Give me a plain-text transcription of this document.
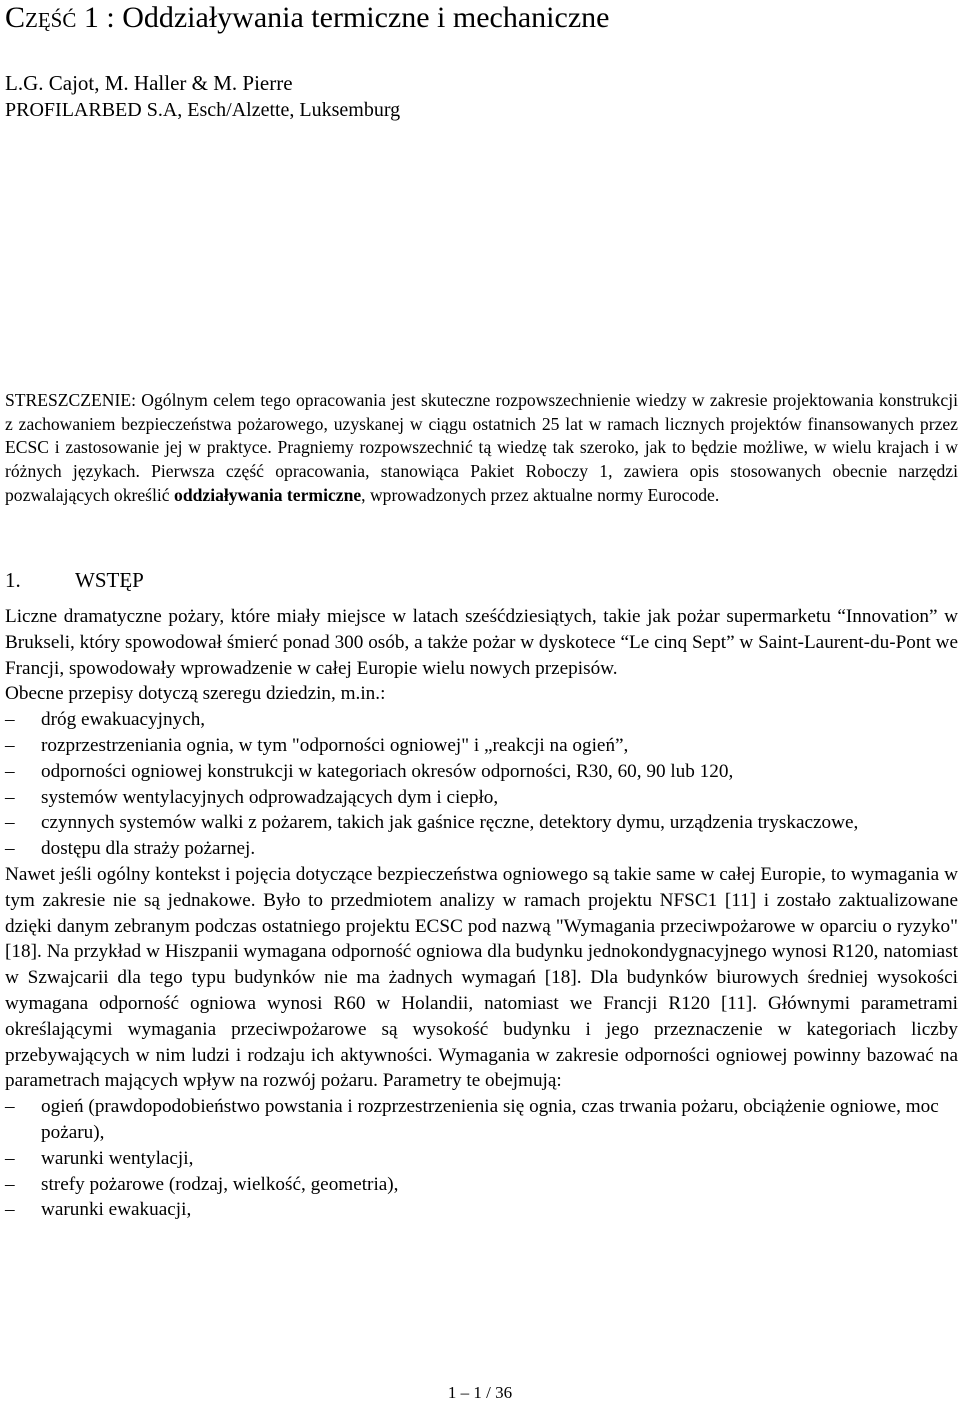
Część 1 : Oddziaływania termiczne i mechaniczne
L.G. Cajot, M. Haller & M. Pierre
PROFILARBED S.A, Esch/Alzette, Luksemburg
STRESZCZENIE: Ogólnym celem tego opracowania jest skuteczne rozpowszechnienie wiedzy w zakresie projektowania konstrukcji z zachowaniem bezpieczeństwa pożarowego, uzyskanej w ciągu ostatnich 25 lat w ramach licznych projektów finansowanych przez ECSC i zastosowanie jej w praktyce. Pragniemy rozpowszechnić tą wiedzę tak szeroko, jak to będzie możliwe, w wielu krajach i w różnych językach. Pierwsza część opracowania, stanowiąca Pakiet Roboczy 1, zawiera opis stosowanych obecnie narzędzi pozwalających określić oddziaływania termiczne, wprowadzonych przez aktualne normy Eurocode.
1.	WSTĘP

Liczne dramatyczne pożary, które miały miejsce w latach sześćdziesiątych, takie jak pożar supermarketu “Innovation” w Brukseli, który spowodował śmierć ponad 300 osób, a także pożar w dyskotece “Le cinq Sept” w Saint-Laurent-du-Pont we Francji, spowodowały wprowadzenie w całej Europie wielu nowych przepisów.

Obecne przepisy dotyczą szeregu dziedzin, m.in.:

– dróg ewakuacyjnych,
– rozprzestrzeniania ognia, w tym "odporności ogniowej" i „reakcji na ogień”,
– odporności ogniowej konstrukcji w kategoriach okresów odporności, R30, 60, 90 lub 120,
– systemów wentylacyjnych odprowadzających dym i ciepło,
– czynnych systemów walki z pożarem, takich jak gaśnice ręczne, detektory dymu, urządzenia tryskaczowe,
– dostępu dla straży pożarnej.

Nawet jeśli ogólny kontekst i pojęcia dotyczące bezpieczeństwa ogniowego są takie same w całej Europie, to wymagania w tym zakresie nie są jednakowe. Było to przedmiotem analizy w ramach projektu NFSC1 [11] i zostało zaktualizowane dzięki danym zebranym podczas ostatniego projektu ECSC pod nazwą "Wymagania przeciwpożarowe w oparciu o ryzyko" [18]. Na przykład w Hiszpanii wymagana odporność ogniowa dla budynku jednokondygnacyjnego wynosi R120, natomiast w Szwajcarii dla tego typu budynków nie ma żadnych wymagań [18]. Dla budynków biurowych średniej wysokości wymagana odporność ogniowa wynosi R60 w Holandii, natomiast we Francji R120 [11]. Głównymi parametrami określającymi wymagania przeciwpożarowe są wysokość budynku i jego przeznaczenie w kategoriach liczby przebywających w nim ludzi i rodzaju ich aktywności. Wymagania w zakresie odporności ogniowej powinny bazować na parametrach mających wpływ na rozwój pożaru. Parametry te obejmują:

– ogień (prawdopodobieństwo powstania i rozprzestrzenienia się ognia, czas trwania pożaru, obciążenie ogniowe, moc pożaru),
– warunki wentylacji,
– strefy pożarowe (rodzaj, wielkość, geometria),
– warunki ewakuacji,
1 – 1 / 36
